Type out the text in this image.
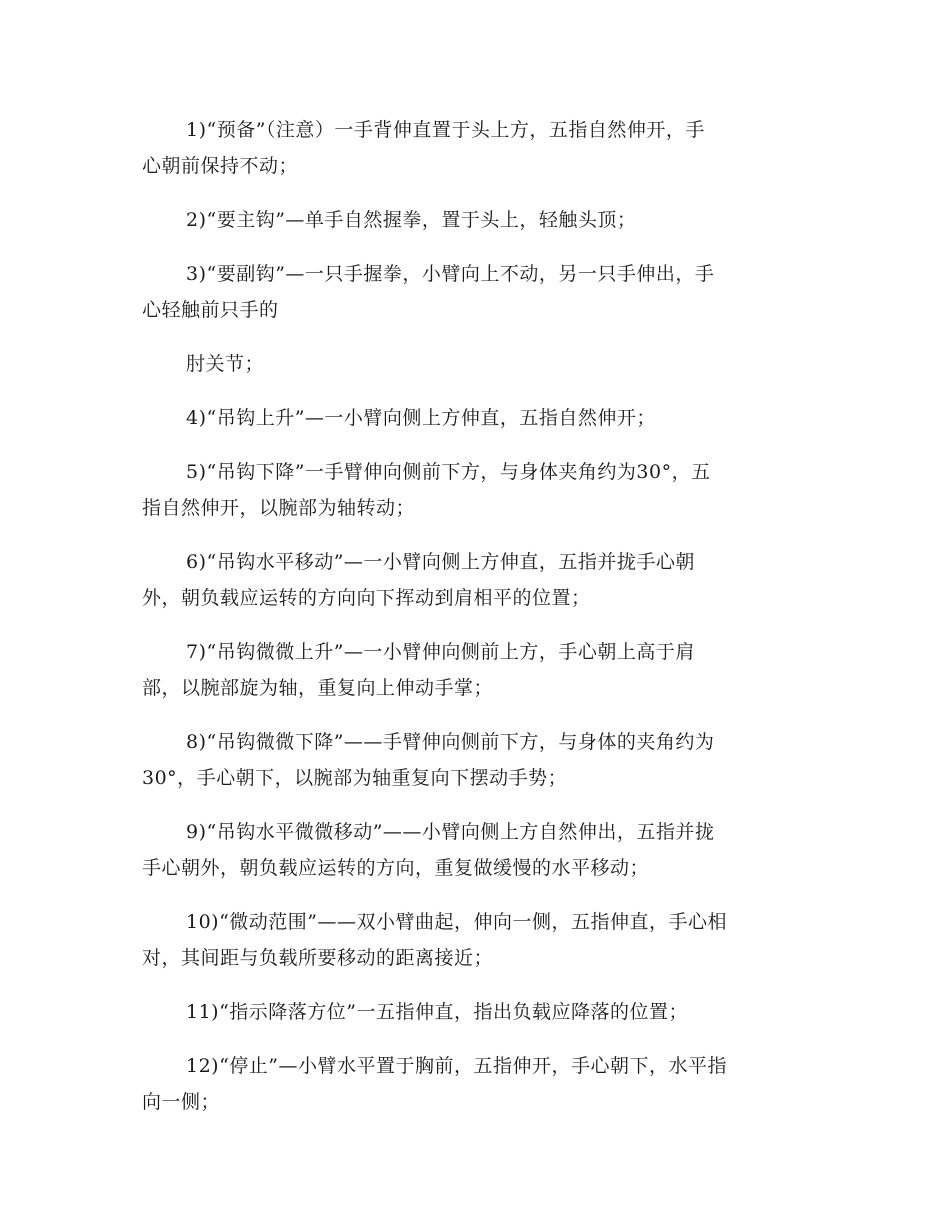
1)“预备”（注意）一手背伸直置于头上方，五指自然伸开，手
心朝前保持不动；

2)“要主钩”—单手自然握拳，置于头上，轻触头顶；

3)“要副钩”—一只手握拳，小臂向上不动，另一只手伸出，手
心轻触前只手的

肘关节；

4)“吊钩上升”—一小臂向侧上方伸直，五指自然伸开；

5)“吊钩下降”一手臂伸向侧前下方，与身体夹角约为30°，五
指自然伸开，以腕部为轴转动；

6)“吊钩水平移动”—一小臂向侧上方伸直，五指并拢手心朝
外，朝负载应运转的方向向下挥动到肩相平的位置；

7)“吊钩微微上升”—一小臂伸向侧前上方，手心朝上高于肩
部，以腕部旋为轴，重复向上伸动手掌；

8)“吊钩微微下降”——手臂伸向侧前下方，与身体的夹角约为
30°，手心朝下，以腕部为轴重复向下摆动手势；

9)“吊钩水平微微移动”——小臂向侧上方自然伸出，五指并拢
手心朝外，朝负载应运转的方向，重复做缓慢的水平移动；

10)“微动范围”——双小臂曲起，伸向一侧，五指伸直，手心相
对，其间距与负载所要移动的距离接近；

11)“指示降落方位”一五指伸直，指出负载应降落的位置；

12)“停止”—小臂水平置于胸前，五指伸开，手心朝下，水平指
向一侧；
